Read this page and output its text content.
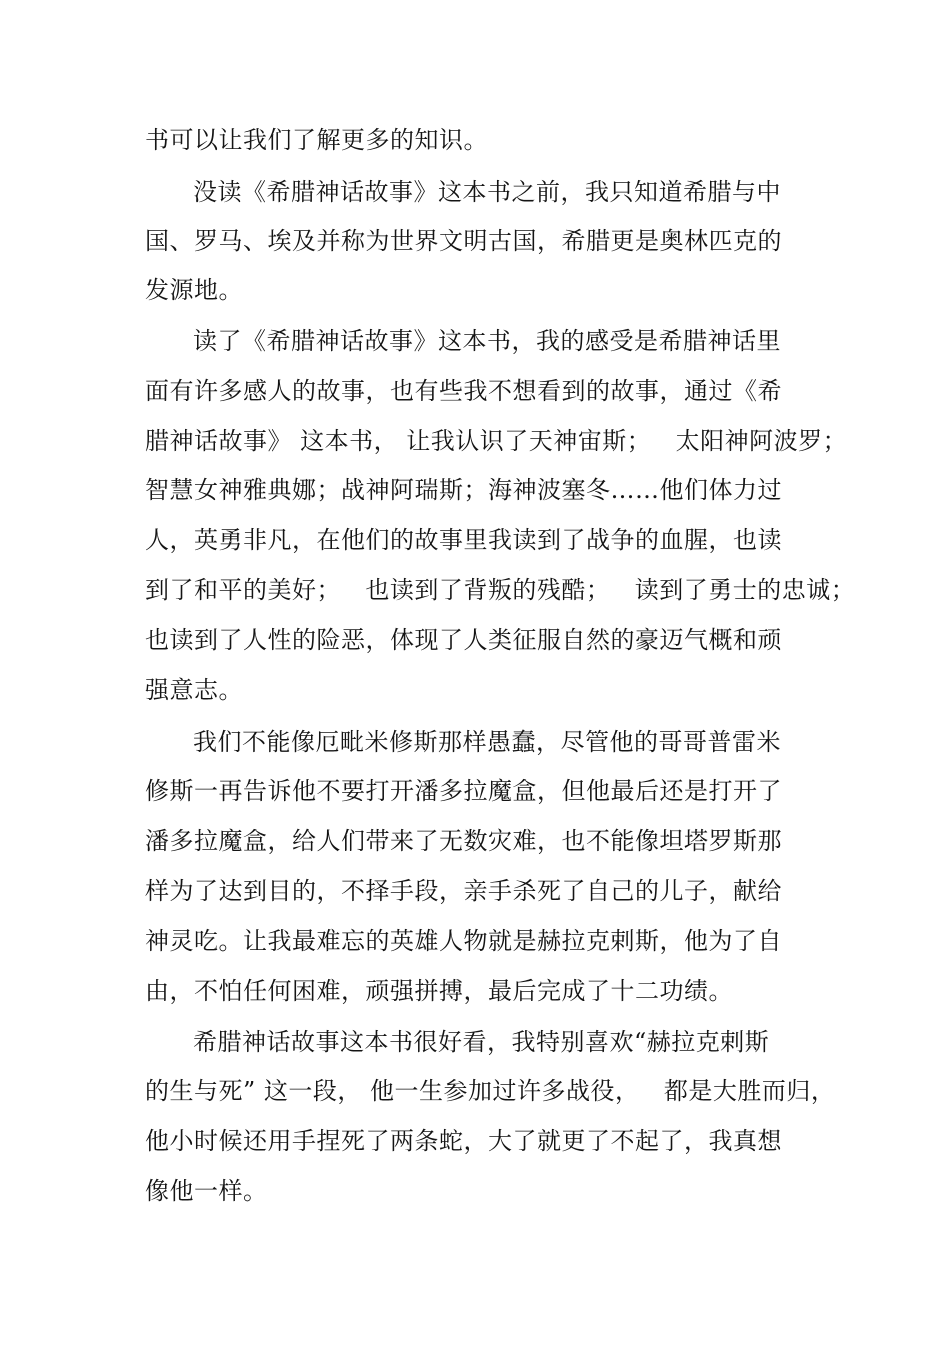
书可以让我们了解更多的知识。
没读《希腊神话故事》这本书之前，我只知道希腊与中
国、罗马、埃及并称为世界文明古国，希腊更是奥林匹克的
发源地。
读了《希腊神话故事》这本书，我的感受是希腊神话里
面有许多感人的故事，也有些我不想看到的故事，通过《希
腊神话故事》 这本书， 让我认识了天神宙斯；   太阳神阿波罗；
智慧女神雅典娜；战神阿瑞斯；海神波塞冬……他们体力过
人，英勇非凡，在他们的故事里我读到了战争的血腥，也读
到了和平的美好；   也读到了背叛的残酷；   读到了勇士的忠诚；
也读到了人性的险恶，体现了人类征服自然的豪迈气概和顽
强意志。
我们不能像厄毗米修斯那样愚蠢，尽管他的哥哥普雷米
修斯一再告诉他不要打开潘多拉魔盒，但他最后还是打开了
潘多拉魔盒，给人们带来了无数灾难，也不能像坦塔罗斯那
样为了达到目的，不择手段，亲手杀死了自己的儿子，献给
神灵吃。让我最难忘的英雄人物就是赫拉克剌斯，他为了自
由，不怕任何困难，顽强拼搏，最后完成了十二功绩。
希腊神话故事这本书很好看，我特别喜欢“赫拉克剌斯
的生与死” 这一段， 他一生参加过许多战役，   都是大胜而归，
他小时候还用手捏死了两条蛇，大了就更了不起了，我真想
像他一样。
